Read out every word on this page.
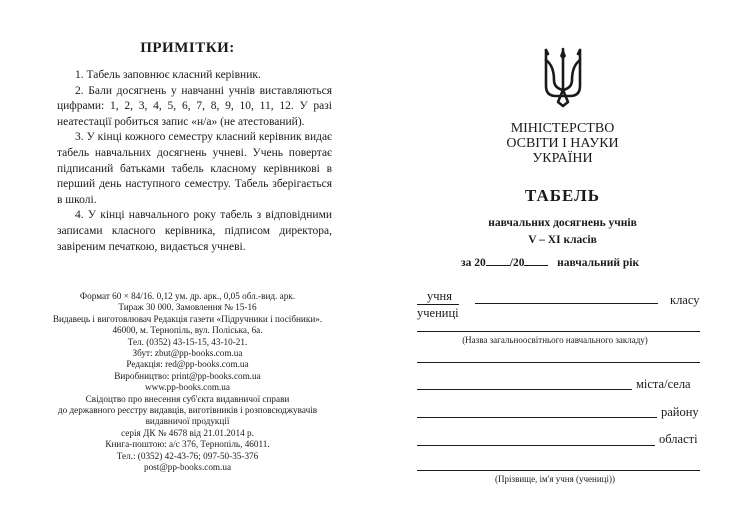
ПРИМІТКИ:

1. Табель заповнює класний керівник.

2. Бали досягнень у навчанні учнів виставляються цифрами: 1, 2, 3, 4, 5, 6, 7, 8, 9, 10, 11, 12. У разі неатестації робиться запис «н/а» (не атестований).

3. У кінці кожного семестру класний керівник видає табель навчальних досягнень учневі. Учень повертає підписаний батьками табель класному керівникові в перший день наступного семестру. Табель зберігається в школі.

4. У кінці навчального року табель з відповідними записами класного керівника, підписом директора, завіреним печаткою, видається учневі.

Формат 60 × 84/16. 0,12 ум. др. арк., 0,05 обл.-вид. арк.
Тираж 30 000. Замовлення № 15-16
Видавець і виготовлювач Редакція газети «Підручники і посібники».
46000, м. Тернопіль, вул. Поліська, 6а.
Тел. (0352) 43-15-15, 43-10-21.
Збут: zbut@pp-books.com.ua
Редакція: red@pp-books.com.ua
Виробництво: print@pp-books.com.ua
www.pp-books.com.ua
Свідоцтво про внесення суб'єкта видавничої справи
до державного реєстру видавців, виготівників і розповсюджувачів
видавничої продукції
серія ДК № 4678 від 21.01.2014 р.
Книга-поштою: а/с 376, Тернопіль, 46011.
Тел.: (0352) 42-43-76; 097-50-35-376
post@pp-books.com.ua
МІНІСТЕРСТВО
ОСВІТИ І НАУКИ
УКРАЇНИ
ТАБЕЛЬ
навчальних досягнень учнів
V – XI класів
за 20 /20	навчальний рік
учня
учениці
класу
(Назва загальноосвітнього навчального закладу)
міста/села
району
області
(Прізвище, ім'я учня (учениці))
